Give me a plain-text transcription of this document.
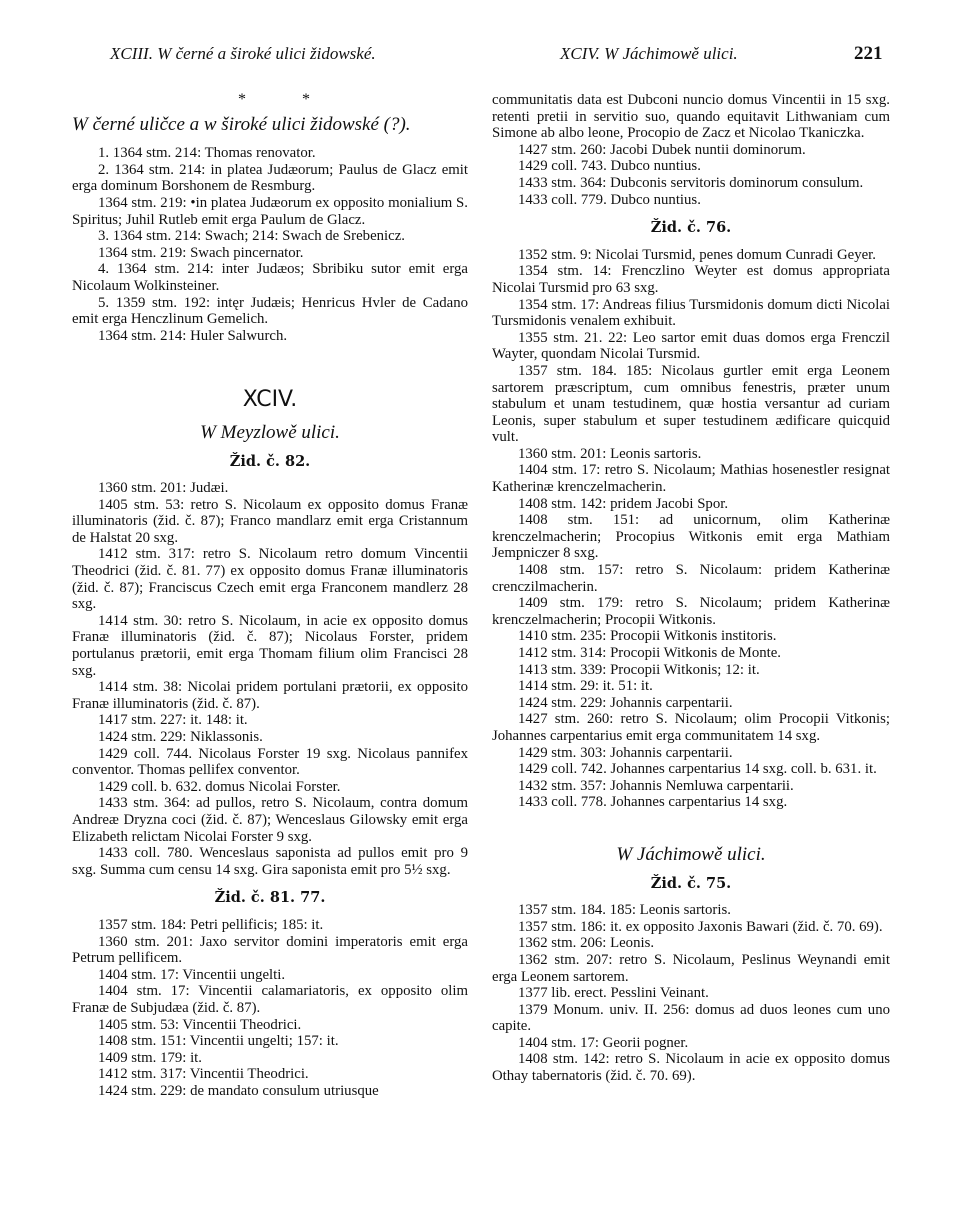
XCIII. W černé a široké ulici židowské.	XCIV. W Jáchimowě ulici.	221
* *
W černé uličce a w široké ulici židowské (?).

1. 1364 stm. 214: Thomas renovator.

2. 1364 stm. 214: in platea Judæorum; Paulus de Glacz emit erga dominum Borshonem de Resmburg.

1364 stm. 219: •in platea Judæorum ex opposito monialium S. Spiritus; Juhil Rutleb emit erga Paulum de Glacz.

3. 1364 stm. 214: Swach; 214: Swach de Srebenicz.

1364 stm. 219: Swach pincernator.

4. 1364 stm. 214: inter Judæos; Sbribiku sutor emit erga Nicolaum Wolkinsteiner.

5. 1359 stm. 192: intęr Judæis; Henricus Hvler de Cadano emit erga Henczlinum Gemelich.

1364 stm. 214: Huler Salwurch.

XCIV.
W Meyzlowě ulici.
Žid. č. 82.

1360 stm. 201: Judæi.

1405 stm. 53: retro S. Nicolaum ex opposito domus Franæ illuminatoris (žid. č. 87); Franco mandlarz emit erga Cristannum de Halstat 20 sxg.

1412 stm. 317: retro S. Nicolaum retro domum Vincentii Theodrici (žid. č. 81. 77) ex opposito domus Franæ illuminatoris (žid. č. 87); Franciscus Czech emit erga Franconem mandlerz 28 sxg.

1414 stm. 30: retro S. Nicolaum, in acie ex opposito domus Franæ illuminatoris (žid. č. 87); Nicolaus Forster, pridem portulanus prætorii, emit erga Thomam filium olim Francisci 28 sxg.

1414 stm. 38: Nicolai pridem portulani prætorii, ex opposito Franæ illuminatoris (žid. č. 87).

1417 stm. 227: it. 148: it.

1424 stm. 229: Niklassonis.

1429 coll. 744. Nicolaus Forster 19 sxg. Nicolaus pannifex conventor. Thomas pellifex conventor.

1429 coll. b. 632. domus Nicolai Forster.

1433 stm. 364: ad pullos, retro S. Nicolaum, contra domum Andreæ Dryzna coci (žid. č. 87); Wenceslaus Gilowsky emit erga Elizabeth relictam Nicolai Forster 9 sxg.

1433 coll. 780. Wenceslaus saponista ad pullos emit pro 9 sxg. Summa cum censu 14 sxg. Gira saponista emit pro 5½ sxg.

Žid. č. 81. 77.

1357 stm. 184: Petri pellificis; 185: it.

1360 stm. 201: Jaxo servitor domini imperatoris emit erga Petrum pellificem.

1404 stm. 17: Vincentii ungelti.

1404 stm. 17: Vincentii calamariatoris, ex opposito olim Franæ de Subjudæa (žid. č. 87).

1405 stm. 53: Vincentii Theodrici.

1408 stm. 151: Vincentii ungelti; 157: it.

1409 stm. 179: it.

1412 stm. 317: Vincentii Theodrici.

1424 stm. 229: de mandato consulum utriusque

communitatis data est Dubconi nuncio domus Vincentii in 15 sxg. retenti pretii in servitio suo, quando equitavit Lithwaniam cum Simone ab albo leone, Procopio de Zacz et Nicolao Tkaniczka.

1427 stm. 260: Jacobi Dubek nuntii dominorum.

1429 coll. 743. Dubco nuntius.

1433 stm. 364: Dubconis servitoris dominorum consulum.

1433 coll. 779. Dubco nuntius.

Žid. č. 76.

1352 stm. 9: Nicolai Tursmid, penes domum Cunradi Geyer.

1354 stm. 14: Frenczlino Weyter est domus appropriata Nicolai Tursmid pro 63 sxg.

1354 stm. 17: Andreas filius Tursmidonis domum dicti Nicolai Tursmidonis venalem exhibuit.

1355 stm. 21. 22: Leo sartor emit duas domos erga Frenczil Wayter, quondam Nicolai Tursmid.

1357 stm. 184. 185: Nicolaus gurtler emit erga Leonem sartorem præscriptum, cum omnibus fenestris, præter unum stabulum et unam testudinem, quæ hostia versantur ad curiam Leonis, super stabulum et super testudinem ædificare quicquid vult.

1360 stm. 201: Leonis sartoris.

1404 stm. 17: retro S. Nicolaum; Mathias hosenestler resignat Katherinæ krenczelmacherin.

1408 stm. 142: pridem Jacobi Spor.

1408 stm. 151: ad unicornum, olim Katherinæ krenczelmacherin; Procopius Witkonis emit erga Mathiam Jempniczer 8 sxg.

1408 stm. 157: retro S. Nicolaum: pridem Katherinæ crenczilmacherin.

1409 stm. 179: retro S. Nicolaum; pridem Katherinæ krenczelmacherin; Procopii Witkonis.

1410 stm. 235: Procopii Witkonis institoris.

1412 stm. 314: Procopii Witkonis de Monte.

1413 stm. 339: Procopii Witkonis; 12: it.

1414 stm. 29: it. 51: it.

1424 stm. 229: Johannis carpentarii.

1427 stm. 260: retro S. Nicolaum; olim Procopii Vitkonis; Johannes carpentarius emit erga communitatem 14 sxg.

1429 stm. 303: Johannis carpentarii.

1429 coll. 742. Johannes carpentarius 14 sxg. coll. b. 631. it.

1432 stm. 357: Johannis Nemluwa carpentarii.

1433 coll. 778. Johannes carpentarius 14 sxg.

W Jáchimowě ulici.
Žid. č. 75.

1357 stm. 184. 185: Leonis sartoris.

1357 stm. 186: it. ex opposito Jaxonis Bawari (žid. č. 70. 69).

1362 stm. 206: Leonis.

1362 stm. 207: retro S. Nicolaum, Peslinus Weynandi emit erga Leonem sartorem.

1377 lib. erect. Pesslini Veinant.

1379 Monum. univ. II. 256: domus ad duos leones cum uno capite.

1404 stm. 17: Georii pogner.

1408 stm. 142: retro S. Nicolaum in acie ex opposito domus Othay tabernatoris (žid. č. 70. 69).
